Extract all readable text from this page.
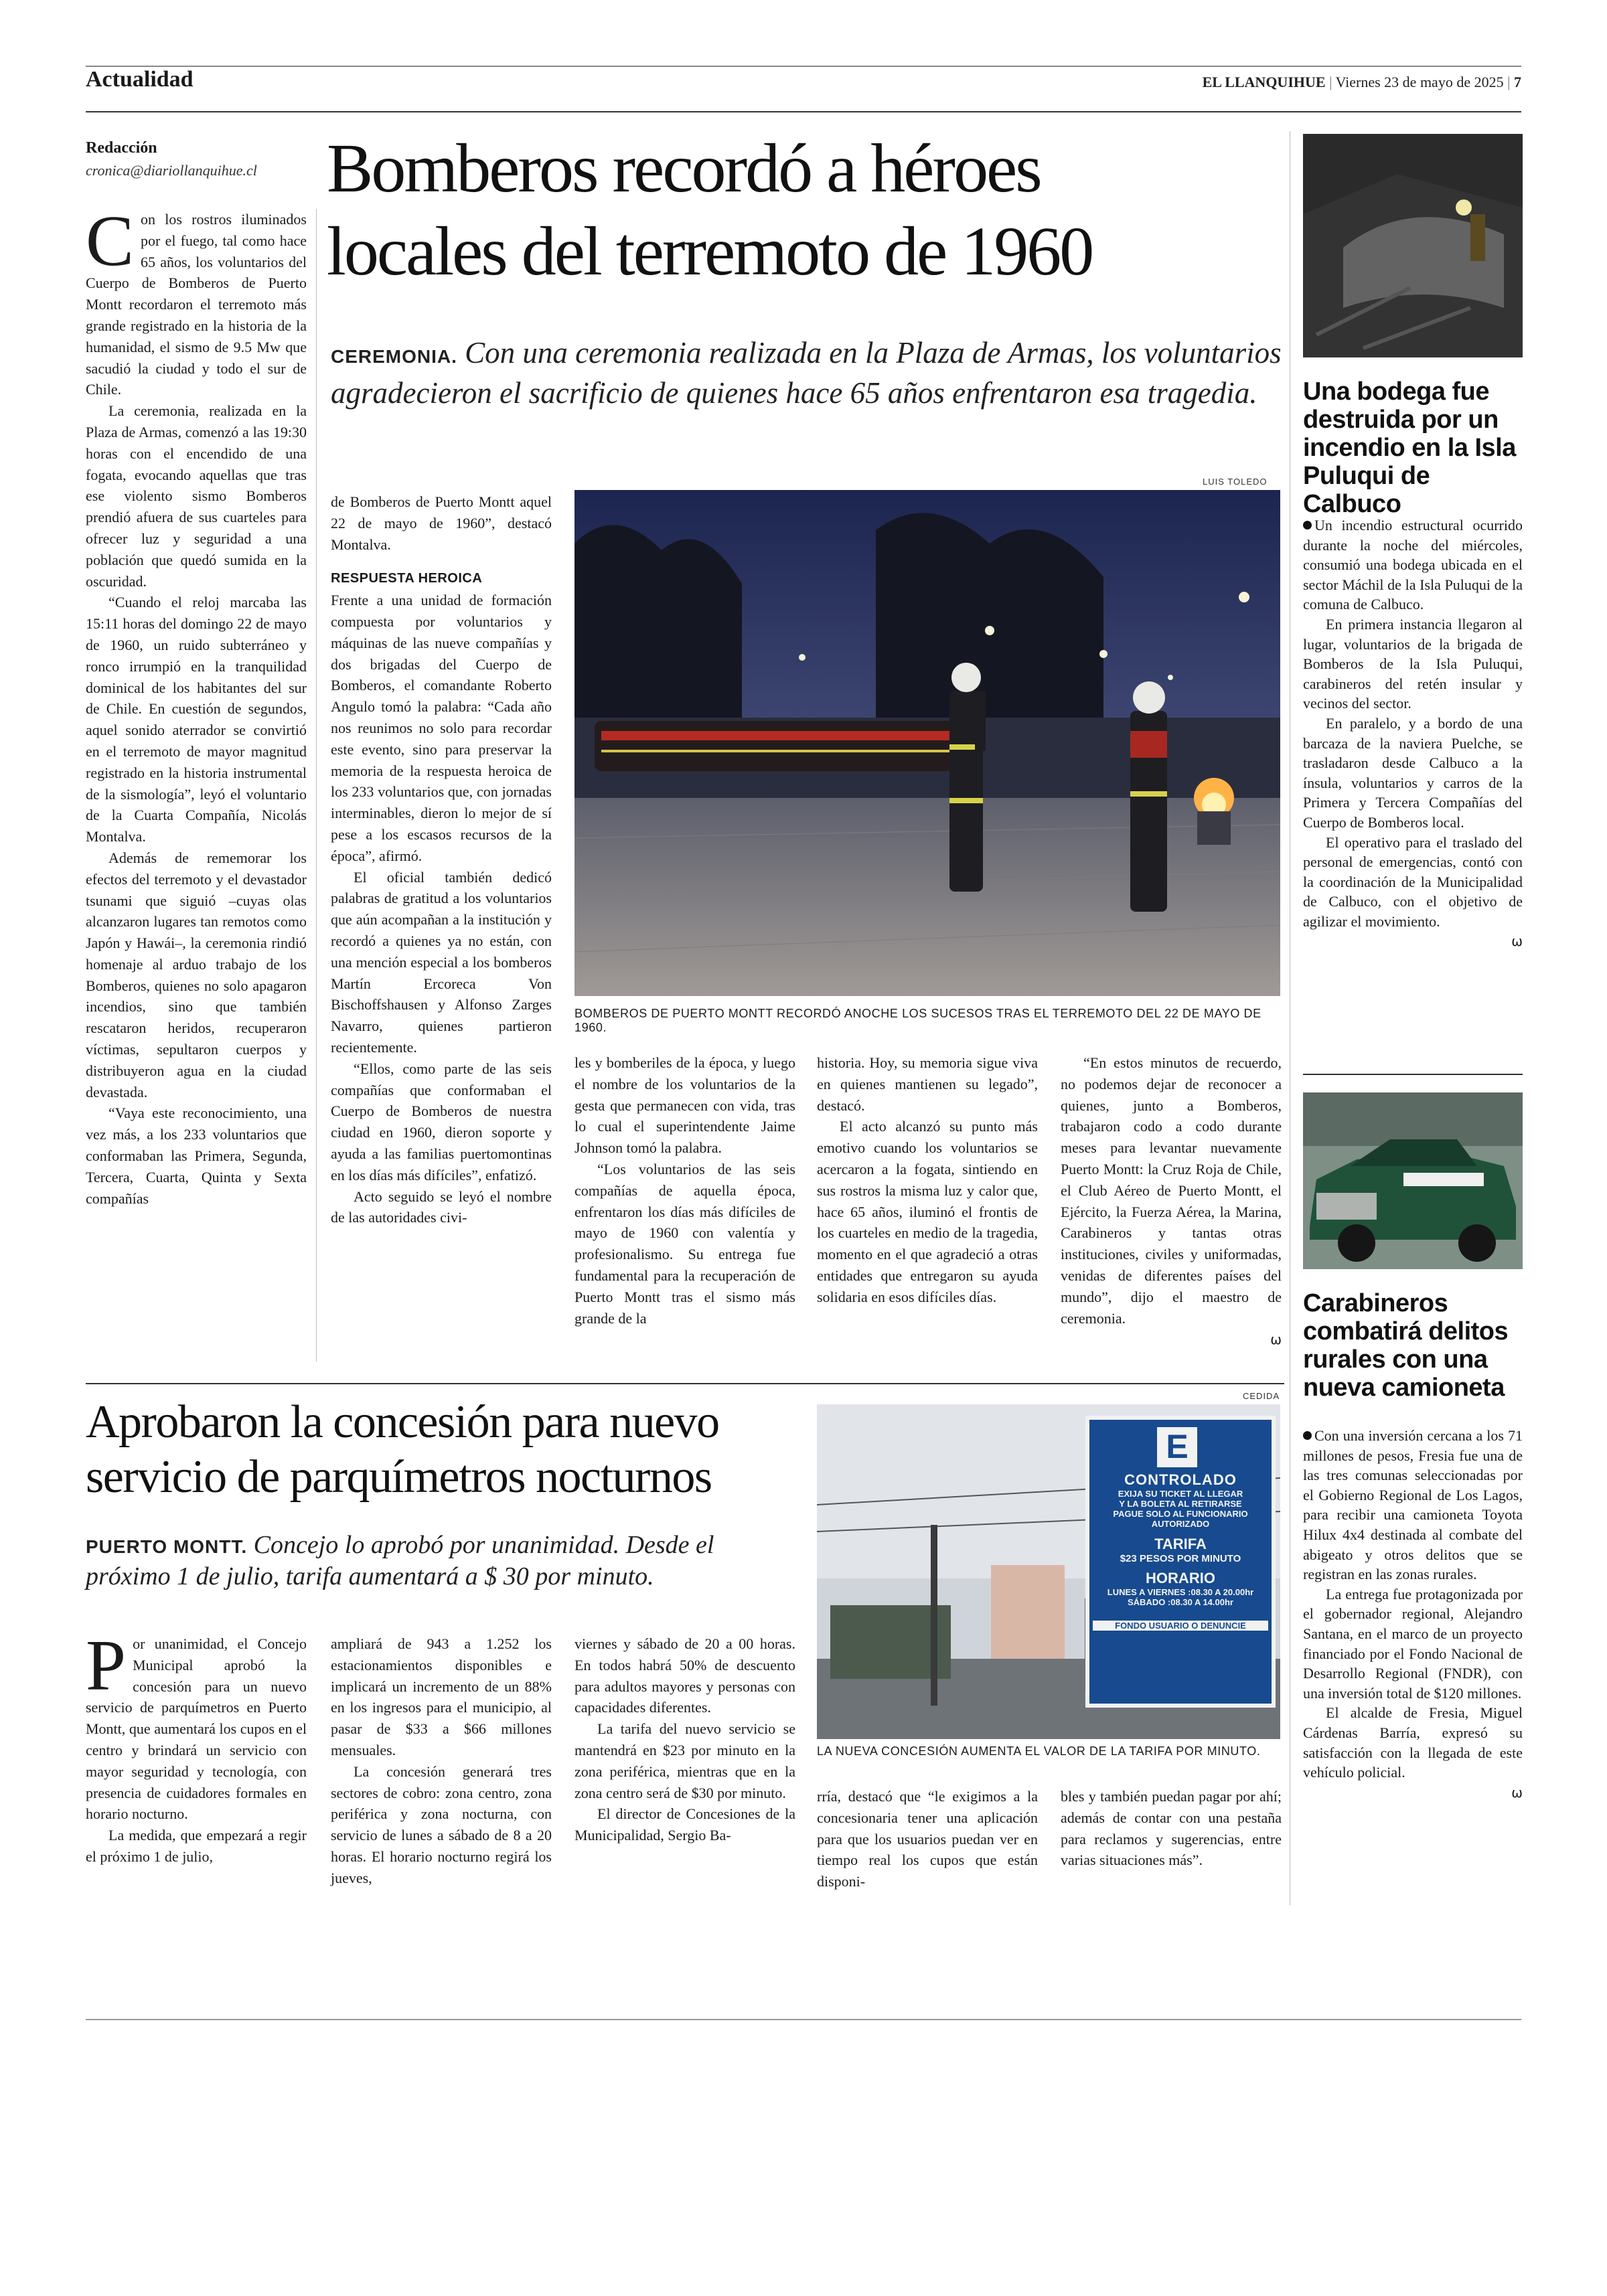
Actualidad	EL LLANQUIHUE | Viernes 23 de mayo de 2025 | 7
Redacción
cronica@diariollanquihue.cl Bomberos recordó a héroes
locales del terremoto de 1960
CEREMONIA. Con una ceremonia realizada en la Plaza de Armas, los voluntarios agradecieron el sacrificio de quienes hace 65 años enfrentaron esa tragedia.

Con los rostros iluminados por el fuego, tal como hace 65 años, los voluntarios del Cuerpo de Bomberos de Puerto Montt recordaron el terremoto más grande registrado en la historia de la humanidad, el sismo de 9.5 Mw que sacudió la ciudad y todo el sur de Chile.

La ceremonia, realizada en la Plaza de Armas, comenzó a las 19:30 horas con el encendido de una fogata, evocando aquellas que tras ese violento sismo Bomberos prendió afuera de sus cuarteles para ofrecer luz y seguridad a una población que quedó sumida en la oscuridad.

“Cuando el reloj marcaba las 15:11 horas del domingo 22 de mayo de 1960, un ruido subterráneo y ronco irrumpió en la tranquilidad dominical de los habitantes del sur de Chile. En cuestión de segundos, aquel sonido aterrador se convirtió en el terremoto de mayor magnitud registrado en la historia instrumental de la sismología”, leyó el voluntario de la Cuarta Compañía, Nicolás Montalva.

Además de rememorar los efectos del terremoto y el devastador tsunami que siguió –cuyas olas alcanzaron lugares tan remotos como Japón y Hawái–, la ceremonia rindió homenaje al arduo trabajo de los Bomberos, quienes no solo apagaron incendios, sino que también rescataron heridos, recuperaron víctimas, sepultaron cuerpos y distribuyeron agua en la ciudad devastada.

“Vaya este reconocimiento, una vez más, a los 233 voluntarios que conformaban las Primera, Segunda, Tercera, Cuarta, Quinta y Sexta compañías

LUIS TOLEDO
BOMBEROS DE PUERTO MONTT RECORDÓ ANOCHE LOS SUCESOS TRAS EL TERREMOTO DEL 22 DE MAYO DE 1960.

de Bomberos de Puerto Montt aquel 22 de mayo de 1960”, destacó Montalva.

RESPUESTA HEROICA

Frente a una unidad de formación compuesta por voluntarios y máquinas de las nueve compañías y dos brigadas del Cuerpo de Bomberos, el comandante Roberto Angulo tomó la palabra: “Cada año nos reunimos no solo para recordar este evento, sino para preservar la memoria de la respuesta heroica de los 233 voluntarios que, con jornadas interminables, dieron lo mejor de sí pese a los escasos recursos de la época”, afirmó.

El oficial también dedicó palabras de gratitud a los voluntarios que aún acompañan a la institución y recordó a quienes ya no están, con una mención especial a los bomberos Martín Ercoreca Von Bischoffshausen y Alfonso Zarges Navarro, quienes partieron recientemente.

“Ellos, como parte de las seis compañías que conformaban el Cuerpo de Bomberos de nuestra ciudad en 1960, dieron soporte y ayuda a las familias puertomontinas en los días más difíciles”, enfatizó.

Acto seguido se leyó el nombre de las autoridades civi-

les y bomberiles de la época, y luego el nombre de los voluntarios de la gesta que permanecen con vida, tras lo cual el superintendente Jaime Johnson tomó la palabra.

“Los voluntarios de las seis compañías de aquella época, enfrentaron los días más difíciles de mayo de 1960 con valentía y profesionalismo. Su entrega fue fundamental para la recuperación de Puerto Montt tras el sismo más grande de la

historia. Hoy, su memoria sigue viva en quienes mantienen su legado”, destacó.

El acto alcanzó su punto más emotivo cuando los voluntarios se acercaron a la fogata, sintiendo en sus rostros la misma luz y calor que, hace 65 años, iluminó el frontis de los cuarteles en medio de la tragedia, momento en el que agradeció a otras entidades que entregaron su ayuda solidaria en esos difíciles días.

“En estos minutos de recuerdo, no podemos dejar de reconocer a quienes, junto a Bomberos, trabajaron codo a codo durante meses para levantar nuevamente Puerto Montt: la Cruz Roja de Chile, el Club Aéreo de Puerto Montt, el Ejército, la Fuerza Aérea, la Marina, Carabineros y tantas otras instituciones, civiles y uniformadas, venidas de diferentes países del mundo”, dijo el maestro de ceremonia.

ω

Aprobaron la concesión para nuevo
servicio de parquímetros nocturnos
PUERTO MONTT. Concejo lo aprobó por unanimidad. Desde el próximo 1 de julio, tarifa aumentará a $ 30 por minuto.
CEDIDA
E
CONTROLADO
EXIJA SU TICKET AL LLEGAR
Y LA BOLETA AL RETIRARSE
PAGUE SOLO AL FUNCIONARIO
AUTORIZADO
TARIFA
$23 PESOS POR MINUTO
HORARIO
LUNES A VIERNES :08.30 A 20.00hr
SÁBADO :08.30 A 14.00hr
FONDO USUARIO O DENUNCIE
LA NUEVA CONCESIÓN AUMENTA EL VALOR DE LA TARIFA POR MINUTO.

Por unanimidad, el Concejo Municipal aprobó la concesión para un nuevo servicio de parquímetros en Puerto Montt, que aumentará los cupos en el centro y brindará un servicio con mayor seguridad y tecnología, con presencia de cuidadores formales en horario nocturno.

La medida, que empezará a regir el próximo 1 de julio,

ampliará de 943 a 1.252 los estacionamientos disponibles e implicará un incremento de un 88% en los ingresos para el municipio, al pasar de $33 a $66 millones mensuales.

La concesión generará tres sectores de cobro: zona centro, zona periférica y zona nocturna, con servicio de lunes a sábado de 8 a 20 horas. El horario nocturno regirá los jueves,

viernes y sábado de 20 a 00 horas. En todos habrá 50% de descuento para adultos mayores y personas con capacidades diferentes.

La tarifa del nuevo servicio se mantendrá en $23 por minuto en la zona periférica, mientras que en la zona centro será de $30 por minuto.

El director de Concesiones de la Municipalidad, Sergio Ba-

rría, destacó que “le exigimos a la concesionaria tener una aplicación para que los usuarios puedan ver en tiempo real los cupos que están disponi-

bles y también puedan pagar por ahí; además de contar con una pestaña para reclamos y sugerencias, entre varias situaciones más”.

Una bodega fue destruida por un incendio en la Isla Puluqui de Calbuco

Un incendio estructural ocurrido durante la noche del miércoles, consumió una bodega ubicada en el sector Máchil de la Isla Puluqui de la comuna de Calbuco.

En primera instancia llegaron al lugar, voluntarios de la brigada de Bomberos de la Isla Puluqui, carabineros del retén insular y vecinos del sector.

En paralelo, y a bordo de una barcaza de la naviera Puelche, se trasladaron desde Calbuco a la ínsula, voluntarios y carros de la Primera y Tercera Compañías del Cuerpo de Bomberos local.

El operativo para el traslado del personal de emergencias, contó con la coordinación de la Municipalidad de Calbuco, con el objetivo de agilizar el movimiento.

ω

Carabineros combatirá delitos rurales con una nueva camioneta

Con una inversión cercana a los 71 millones de pesos, Fresia fue una de las tres comunas seleccionadas por el Gobierno Regional de Los Lagos, para recibir una camioneta Toyota Hilux 4x4 destinada al combate del abigeato y otros delitos que se registran en las zonas rurales.

La entrega fue protagonizada por el gobernador regional, Alejandro Santana, en el marco de un proyecto financiado por el Fondo Nacional de Desarrollo Regional (FNDR), con una inversión total de $120 millones.

El alcalde de Fresia, Miguel Cárdenas Barría, expresó su satisfacción con la llegada de este vehículo policial.

ω
